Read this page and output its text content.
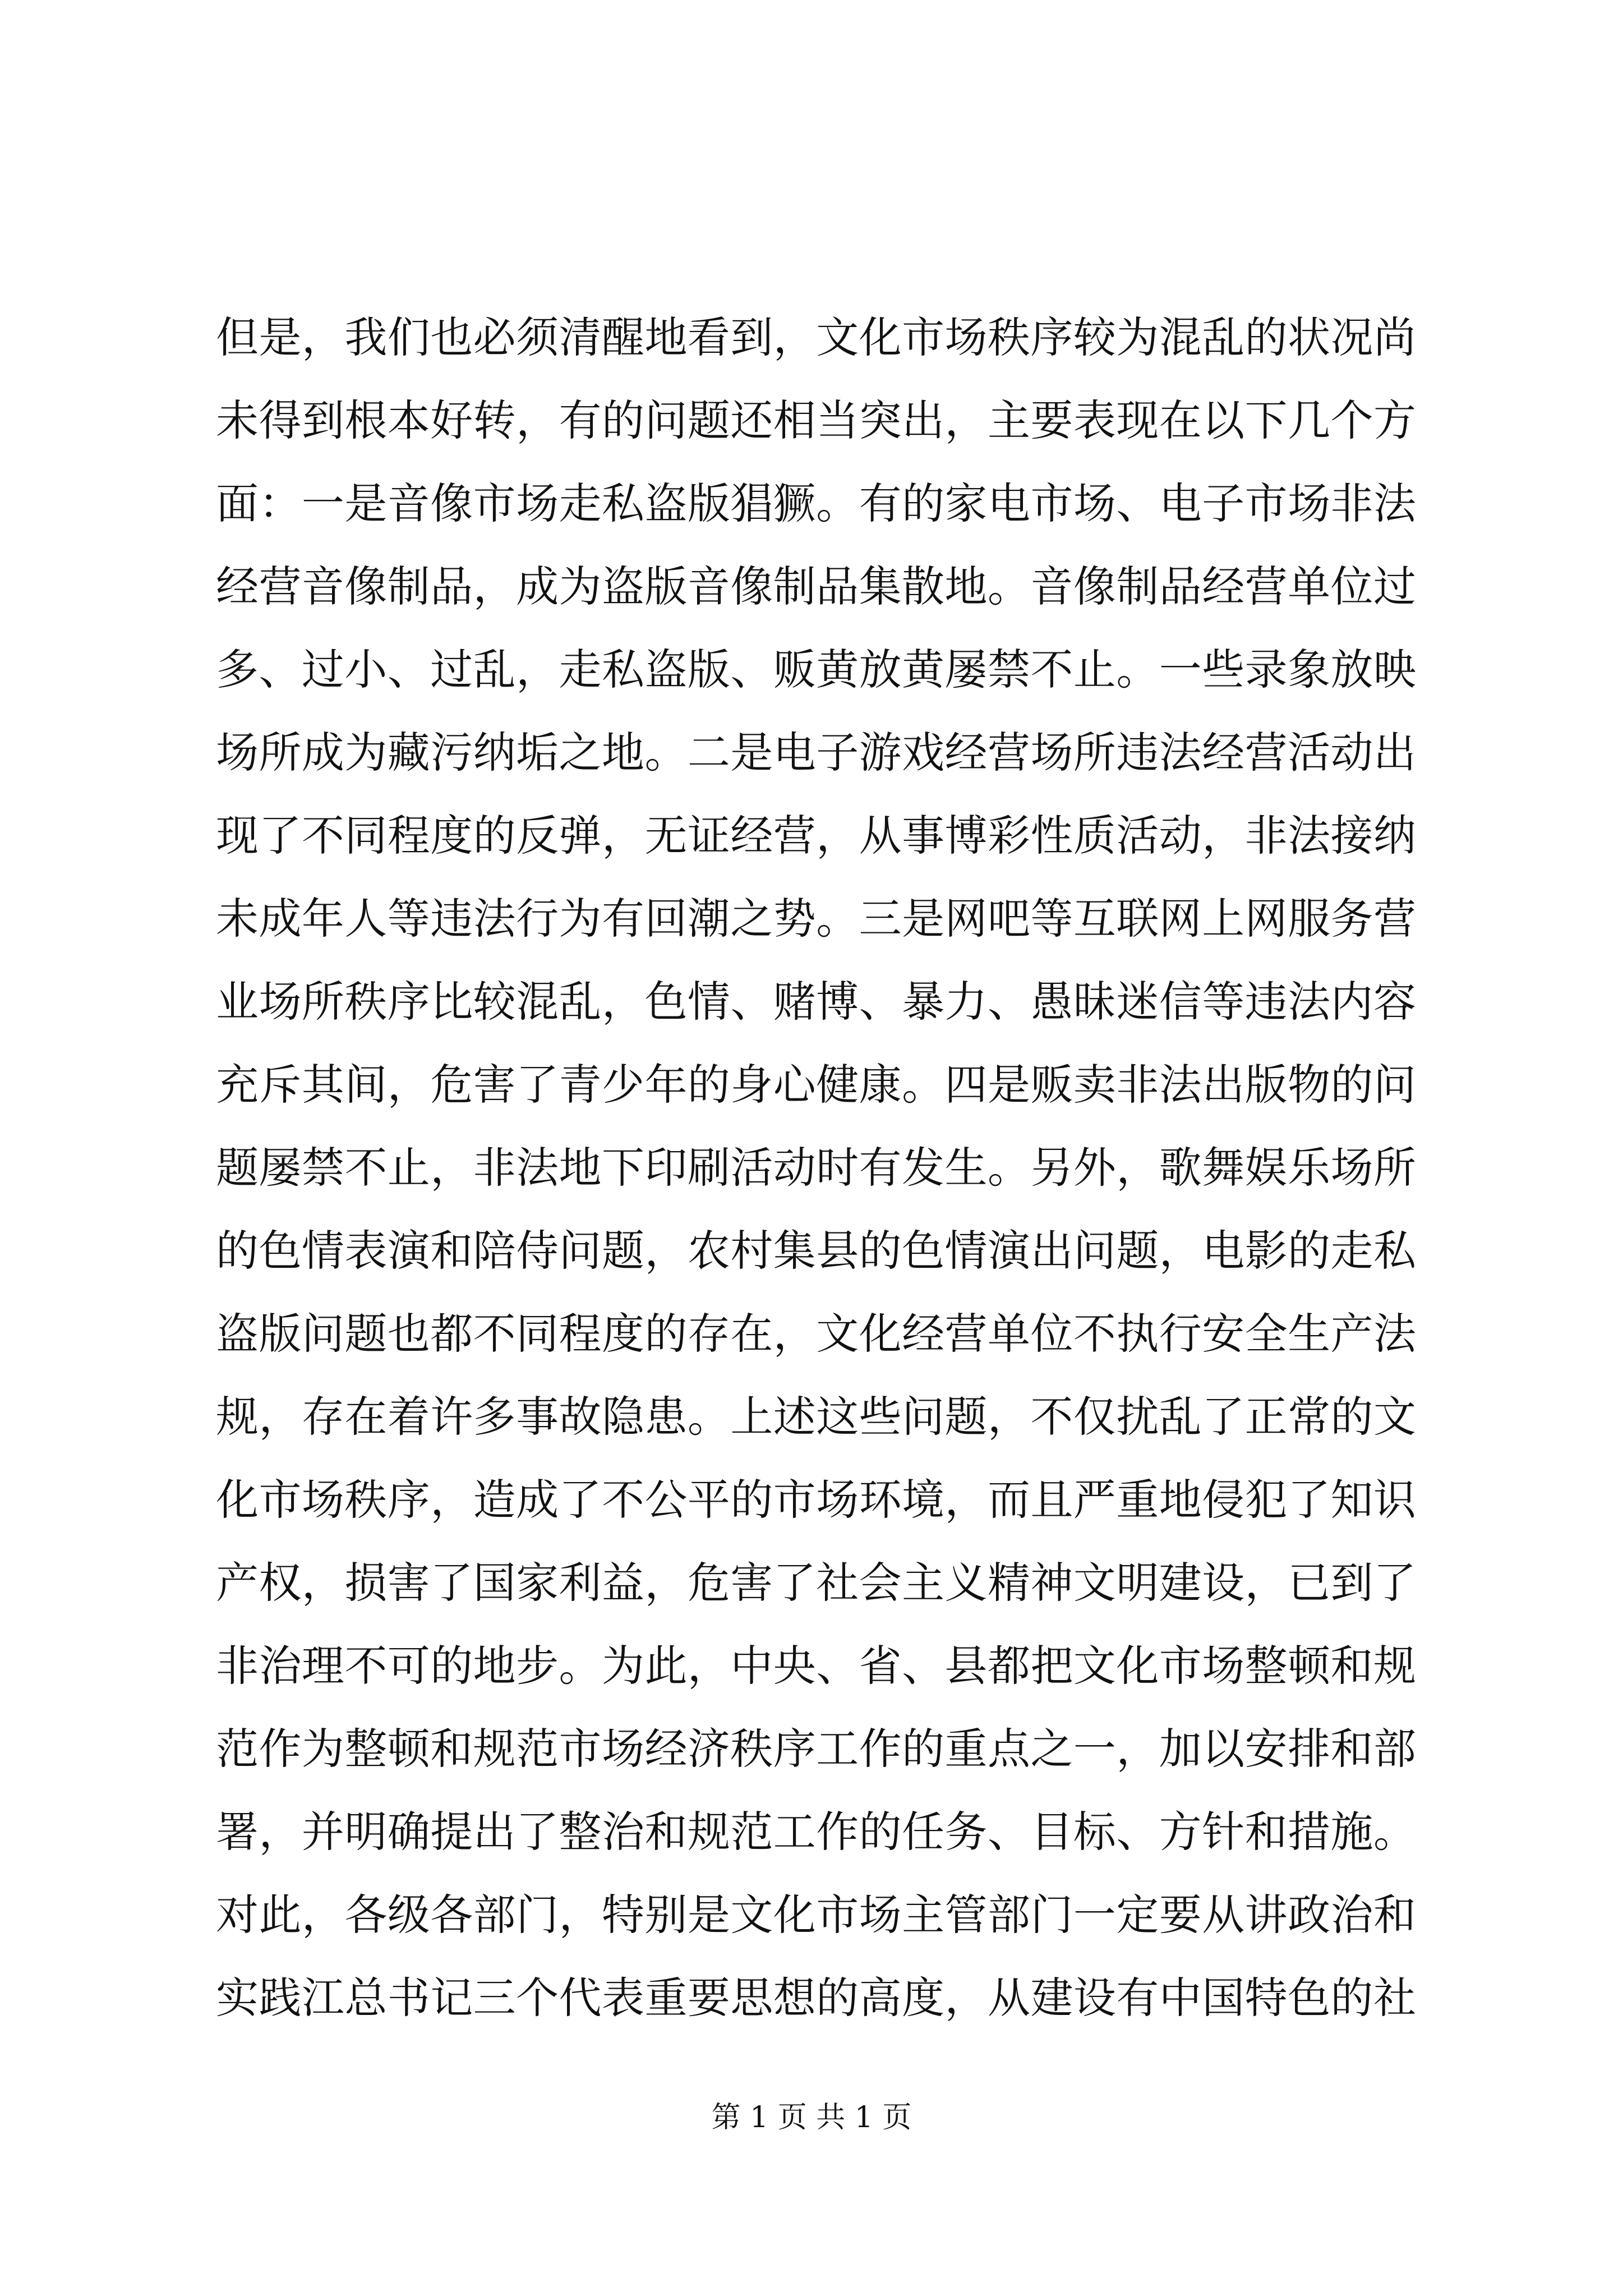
但是，我们也必须清醒地看到，文化市场秩序较为混乱的状况尚
未得到根本好转，有的问题还相当突出，主要表现在以下几个方
面：一是音像市场走私盗版猖獗。有的家电市场、电子市场非法
经营音像制品，成为盗版音像制品集散地。音像制品经营单位过
多、过小、过乱，走私盗版、贩黄放黄屡禁不止。一些录象放映
场所成为藏污纳垢之地。二是电子游戏经营场所违法经营活动出
现了不同程度的反弹，无证经营，从事博彩性质活动，非法接纳
未成年人等违法行为有回潮之势。三是网吧等互联网上网服务营
业场所秩序比较混乱，色情、赌博、暴力、愚昧迷信等违法内容
充斥其间，危害了青少年的身心健康。四是贩卖非法出版物的问
题屡禁不止，非法地下印刷活动时有发生。另外，歌舞娱乐场所
的色情表演和陪侍问题，农村集县的色情演出问题，电影的走私
盗版问题也都不同程度的存在，文化经营单位不执行安全生产法
规，存在着许多事故隐患。上述这些问题，不仅扰乱了正常的文
化市场秩序，造成了不公平的市场环境，而且严重地侵犯了知识
产权，损害了国家利益，危害了社会主义精神文明建设，已到了
非治理不可的地步。为此，中央、省、县都把文化市场整顿和规
范作为整顿和规范市场经济秩序工作的重点之一，加以安排和部
署，并明确提出了整治和规范工作的任务、目标、方针和措施。
对此，各级各部门，特别是文化市场主管部门一定要从讲政治和
实践江总书记三个代表重要思想的高度，从建设有中国特色的社
第 1 页 共 1 页
